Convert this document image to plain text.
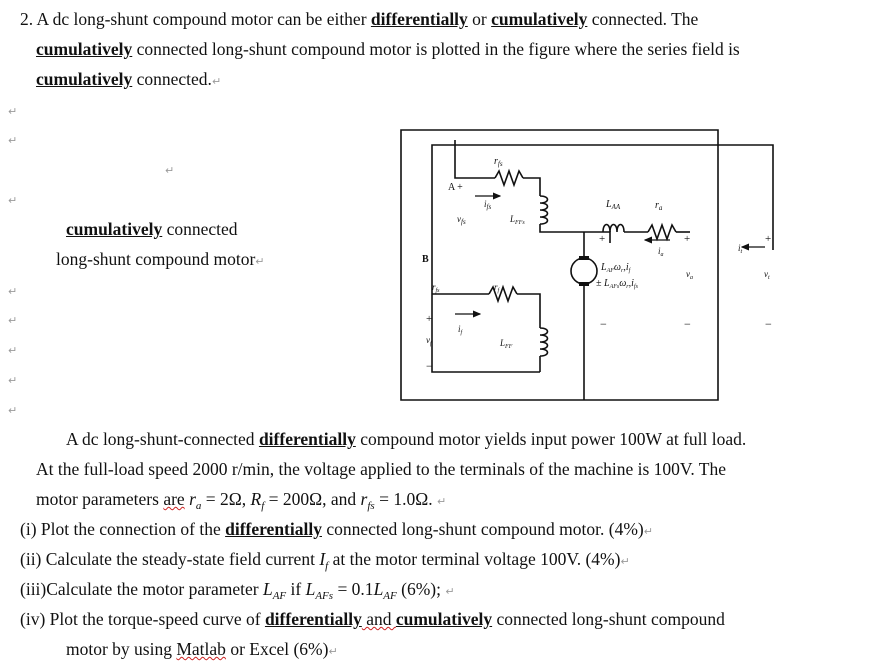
2. A dc long-shunt compound motor can be either differentially or cumulatively connected. The
cumulatively connected long-shunt compound motor is plotted in the figure where the series field is
cumulatively connected.↵
↵
↵
↵
↵
↵
↵
↵
↵
↵
cumulatively connected
long-shunt compound motor↵
$r_{fs}$
A +
$i_{fs}$
$v_{fs}$	$L_{FFs}$
B
$L_{AA}$	$r_a$
$i_a$
$i_t$
+	+	+
$v_a$	$v_t$
$L_{AF}\omega_r,i_f$
± $L_{AFs}\omega_r,i_{fs}$
−	−	−
$r_{fs}$	$r_f$
+
$i_f$
$v_f$	$L_{FF}$
−
A dc long-shunt-connected differentially compound motor yields input power 100W at full load.
At the full-load speed 2000 r/min, the voltage applied to the terminals of the machine is 100V. The
motor parameters are $r_a = 2\Omega$, $R_f = 200\Omega$, and $r_{fs} = 1.0\Omega$. ↵
(i) Plot the connection of the differentially connected long-shunt compound motor. (4%)↵
(ii) Calculate the steady-state field current $I_f$ at the motor terminal voltage 100V. (4%)↵
(iii)Calculate the motor parameter $L_{AF}$ if $L_{AFs} = 0.1L_{AF}$ (6%); ↵
(iv) Plot the torque-speed curve of differentially and cumulatively connected long-shunt compound
motor by using Matlab or Excel (6%)↵
